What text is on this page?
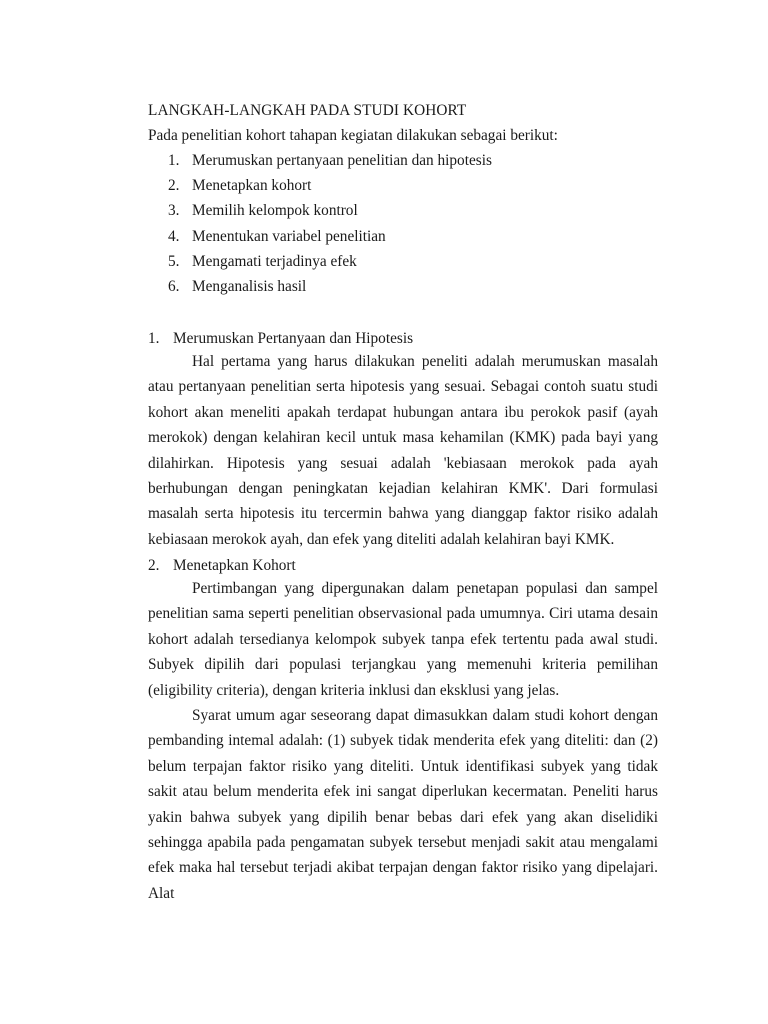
LANGKAH-LANGKAH PADA STUDI KOHORT
Pada penelitian kohort tahapan kegiatan dilakukan sebagai berikut:
1. Merumuskan pertanyaan penelitian dan hipotesis
2. Menetapkan kohort
3. Memilih kelompok kontrol
4. Menentukan variabel penelitian
5. Mengamati terjadinya efek
6. Menganalisis hasil
1. Merumuskan Pertanyaan dan Hipotesis

Hal pertama yang harus dilakukan peneliti adalah merumuskan masalah atau pertanyaan penelitian serta hipotesis yang sesuai. Sebagai contoh suatu studi kohort akan meneliti apakah terdapat hubungan antara ibu perokok pasif (ayah merokok) dengan kelahiran kecil untuk masa kehamilan (KMK) pada bayi yang dilahirkan. Hipotesis yang sesuai adalah 'kebiasaan merokok pada ayah berhubungan dengan peningkatan kejadian kelahiran KMK'. Dari formulasi masalah serta hipotesis itu tercermin bahwa yang dianggap faktor risiko adalah kebiasaan merokok ayah, dan efek yang diteliti adalah kelahiran bayi KMK.

2. Menetapkan Kohort

Pertimbangan yang dipergunakan dalam penetapan populasi dan sampel penelitian sama seperti penelitian observasional pada umumnya. Ciri utama desain kohort adalah tersedianya kelompok subyek tanpa efek tertentu pada awal studi. Subyek dipilih dari populasi terjangkau yang memenuhi kriteria pemilihan (eligibility criteria), dengan kriteria inklusi dan eksklusi yang jelas.

Syarat umum agar seseorang dapat dimasukkan dalam studi kohort dengan pembanding intemal adalah: (1) subyek tidak menderita efek yang diteliti: dan (2) belum terpajan faktor risiko yang diteliti. Untuk identifikasi subyek yang tidak sakit atau belum menderita efek ini sangat diperlukan kecermatan. Peneliti harus yakin bahwa subyek yang dipilih benar bebas dari efek yang akan diselidiki sehingga apabila pada pengamatan subyek tersebut menjadi sakit atau mengalami efek maka hal tersebut terjadi akibat terpajan dengan faktor risiko yang dipelajari. Alat
